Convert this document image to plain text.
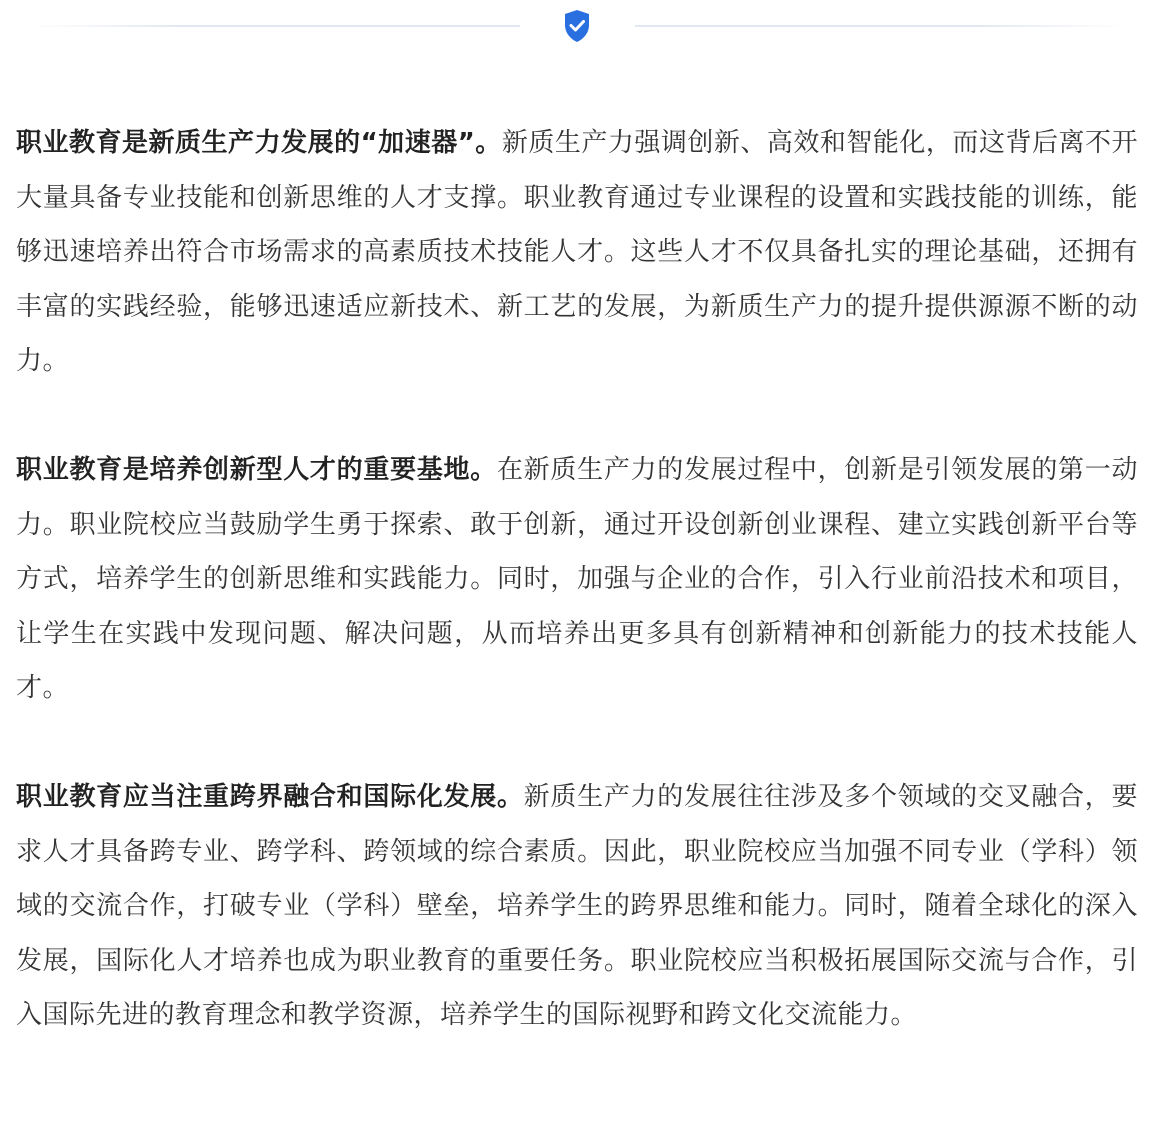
职业教育是新质生产力发展的“加速器”。新质生产力强调创新、高效和智能化，而这背后离不开大量具备专业技能和创新思维的人才支撑。职业教育通过专业课程的设置和实践技能的训练，能够迅速培养出符合市场需求的高素质技术技能人才。这些人才不仅具备扎实的理论基础，还拥有丰富的实践经验，能够迅速适应新技术、新工艺的发展，为新质生产力的提升提供源源不断的动力。

职业教育是培养创新型人才的重要基地。在新质生产力的发展过程中，创新是引领发展的第一动力。职业院校应当鼓励学生勇于探索、敢于创新，通过开设创新创业课程、建立实践创新平台等方式，培养学生的创新思维和实践能力。同时，加强与企业的合作，引入行业前沿技术和项目，让学生在实践中发现问题、解决问题，从而培养出更多具有创新精神和创新能力的技术技能人才。

职业教育应当注重跨界融合和国际化发展。新质生产力的发展往往涉及多个领域的交叉融合，要求人才具备跨专业、跨学科、跨领域的综合素质。因此，职业院校应当加强不同专业（学科）领域的交流合作，打破专业（学科）壁垒，培养学生的跨界思维和能力。同时，随着全球化的深入发展，国际化人才培养也成为职业教育的重要任务。职业院校应当积极拓展国际交流与合作，引入国际先进的教育理念和教学资源，培养学生的国际视野和跨文化交流能力。
